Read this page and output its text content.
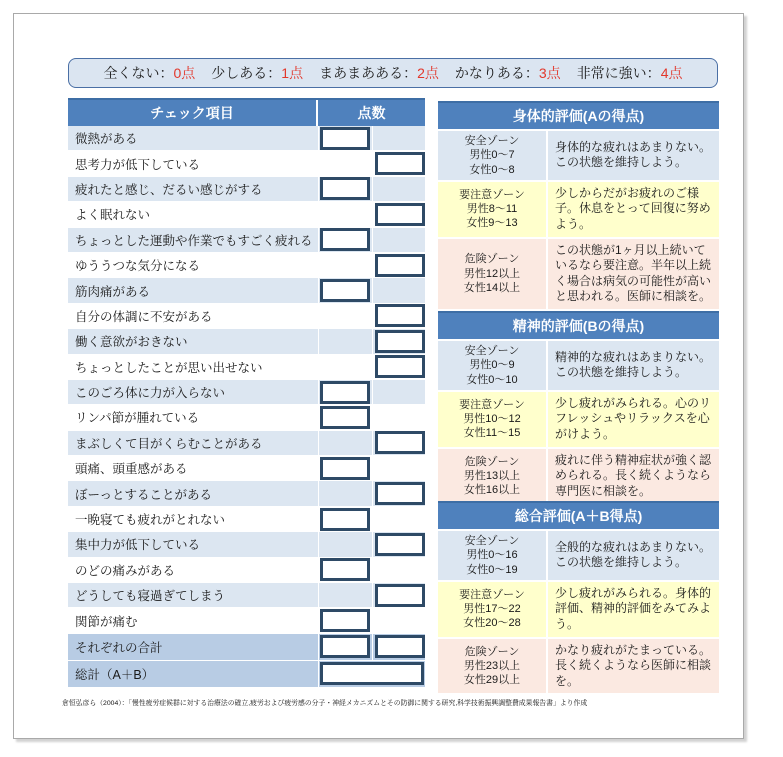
全くない：0点 少しある：1点 まあまあある：2点 かなりある：3点 非常に強い：4点
チェック項目	点数
微熱がある
思考力が低下している
疲れたと感じ、だるい感じがする
よく眠れない
ちょっとした運動や作業でもすごく疲れる
ゆううつな気分になる
筋肉痛がある
自分の体調に不安がある
働く意欲がおきない
ちょっとしたことが思い出せない
このごろ体に力が入らない
リンパ節が腫れている
まぶしくて目がくらむことがある
頭痛、頭重感がある
ぼーっとすることがある
一晩寝ても疲れがとれない
集中力が低下している
のどの痛みがある
どうしても寝過ぎてしまう
関節が痛む
それぞれの合計
総計（A＋B）
身体的評価(Aの得点)
安全ゾーン
男性0～7
女性0～8
身体的な疲れはあまりない。この状態を維持しよう。
要注意ゾーン
男性8～11
女性9～13
少しからだがお疲れのご様子。休息をとって回復に努めよう。
危険ゾーン
男性12以上
女性14以上
この状態が1ヶ月以上続いているなら要注意。半年以上続く場合は病気の可能性が高いと思われる。医師に相談を。
精神的評価(Bの得点)
安全ゾーン
男性0～9
女性0～10
精神的な疲れはあまりない。この状態を維持しよう。
要注意ゾーン
男性10～12
女性11～15
少し疲れがみられる。心のリフレッシュやリラックスを心がけよう。
危険ゾーン
男性13以上
女性16以上
疲れに伴う精神症状が強く認められる。長く続くようなら専門医に相談を。
総合評価(A＋B得点)
安全ゾーン
男性0～16
女性0～19
全般的な疲れはあまりない。この状態を維持しよう。
要注意ゾーン
男性17～22
女性20～28
少し疲れがみられる。身体的評価、精神的評価をみてみよう。
危険ゾーン
男性23以上
女性29以上
かなり疲れがたまっている。長く続くようなら医師に相談を。
倉恒弘彦ら（2004）：「慢性疲労症候群に対する治療法の確立,疲労および疲労感の分子・神経メカニズムとその防御に関する研究,科学技術振興調整費成果報告書」より作成
